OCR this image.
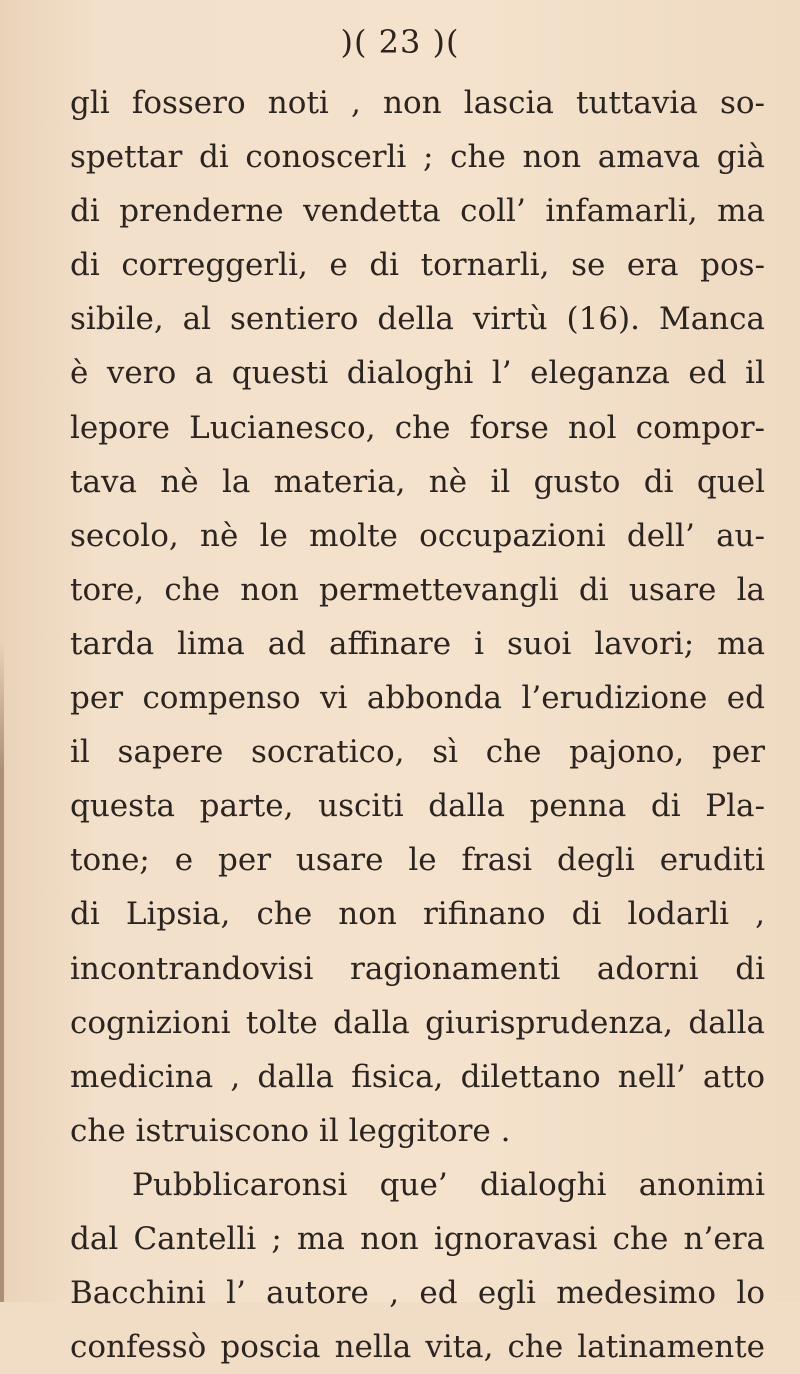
)( 23 )(
gli fossero noti , non lascia tuttavia so-
spettar di conoscerli ; che non amava già
di prenderne vendetta coll’ infamarli, ma
di correggerli, e di tornarli, se era pos-
sibile, al sentiero della virtù (16). Manca
è vero a questi dialoghi l’ eleganza ed il
lepore Lucianesco, che forse nol compor-
tava nè la materia, nè il gusto di quel
secolo, nè le molte occupazioni dell’ au-
tore, che non permettevangli di usare la
tarda lima ad affinare i suoi lavori; ma
per compenso vi abbonda l’erudizione ed
il sapere socratico, sì che pajono, per
questa parte, usciti dalla penna di Pla-
tone; e per usare le frasi degli eruditi
di Lipsia, che non rifinano di lodarli ,
incontrandovisi ragionamenti adorni di
cognizioni tolte dalla giurisprudenza, dalla
medicina , dalla fisica, dilettano nell’ atto
che istruiscono il leggitore .
Pubblicaronsi que’ dialoghi anonimi
dal Cantelli ; ma non ignoravasi che n’era
Bacchini l’ autore , ed egli medesimo lo
confessò poscia nella vita, che latinamente
